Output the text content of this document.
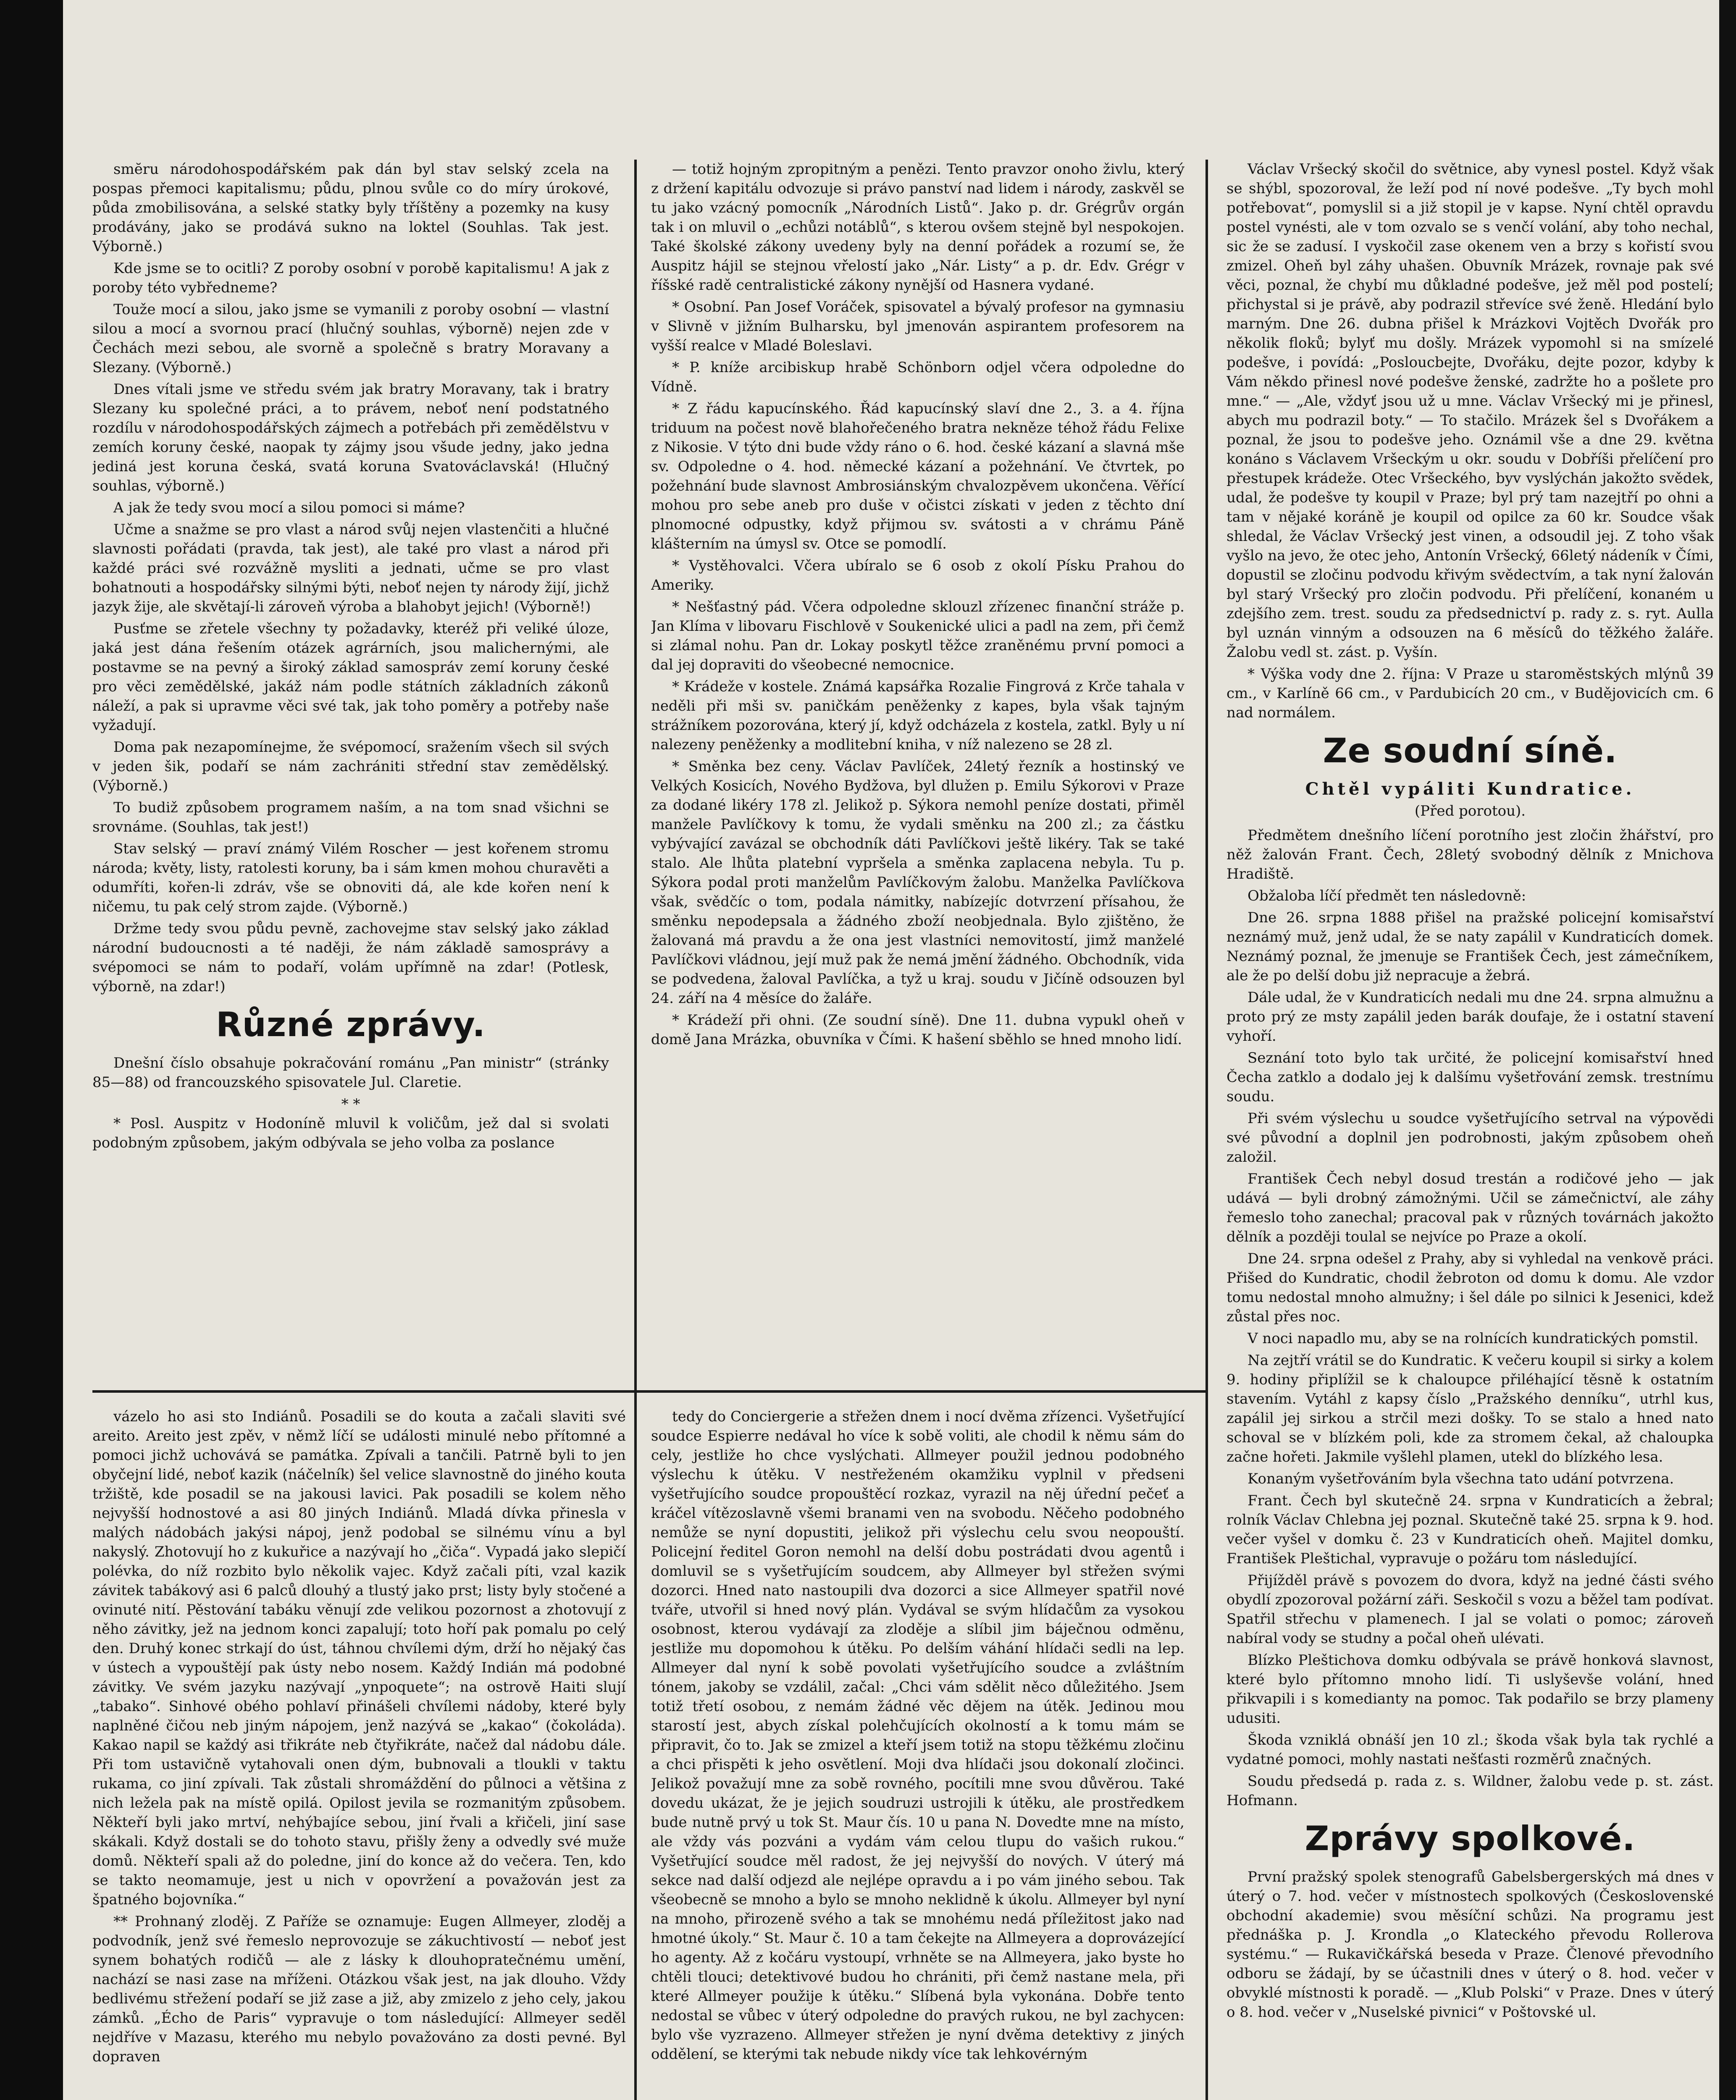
smĕru národohospodářském pak dán byl stav selský zcela na pospas přemoci kapitalismu; půdu, plnou svůle co do míry úrokové, půda zmobilisována, a selské statky byly tříštěny a pozemky na kusy prodávány, jako se prodává sukno na loktel (Souhlas. Tak jest. Výborně.)

Kde jsme se to ocitli? Z poroby osobní v porobě kapitalismu! A jak z poroby této vybředneme?

Touže mocí a silou, jako jsme se vymanili z poroby osobní — vlastní silou a mocí a svornou prací (hlučný souhlas, výborně) nejen zde v Čechách mezi sebou, ale svorně a společně s bratry Moravany a Slezany. (Výborně.)

Dnes vítali jsme ve středu svém jak bratry Moravany, tak i bratry Slezany ku společné práci, a to právem, neboť není podstatného rozdílu v národohospodářských zájmech a potřebách při zemědělstvu v zemích koruny české, naopak ty zájmy jsou všude jedny, jako jedna jediná jest koruna česká, svatá koruna Svatováclavská! (Hlučný souhlas, výborně.)

A jak že tedy svou mocí a silou pomoci si máme?

Učme a snažme se pro vlast a národ svůj nejen vlastenčiti a hlučné slavnosti pořádati (pravda, tak jest), ale také pro vlast a národ při každé práci své rozvážně mysliti a jednati, učme se pro vlast bohatnouti a hospodářsky silnými býti, neboť nejen ty národy žijí, jichž jazyk žije, ale skvětají-li zároveň výroba a blahobyt jejich! (Výborně!)

Pusťme se zřetele všechny ty požadavky, kteréž při veliké úloze, jaká jest dána řešením otázek agrárních, jsou malichernými, ale postavme se na pevný a široký základ samospráv zemí koruny české pro věci zemědělské, jakáž nám podle státních základních zákonů náleží, a pak si upravme věci své tak, jak toho poměry a potřeby naše vyžadují.

Doma pak nezapomínejme, že svépomocí, sražením všech sil svých v jeden šik, podaří se nám zachrániti střední stav zemědělský. (Výborně.)

To budiž způsobem programem naším, a na tom snad všichni se srovnáme. (Souhlas, tak jest!)

Stav selský — praví známý Vilém Roscher — jest kořenem stromu národa; květy, listy, ratolesti koruny, ba i sám kmen mohou churavěti a odumříti, kořen-li zdráv, vše se obnoviti dá, ale kde kořen není k ničemu, tu pak celý strom zajde. (Výborně.)

Držme tedy svou půdu pevně, zachovejme stav selský jako základ národní budoucnosti a té naději, že nám základě samosprávy a svépomoci se nám to podaří, volám upřímně na zdar! (Potlesk, výborně, na zdar!)

Různé zprávy.

Dnešní číslo obsahuje pokračování románu „Pan ministr“ (stránky 85—88) od francouzského spisovatele Jul. Claretie.

* *

* Posl. Auspitz v Hodoníně mluvil k voličům, jež dal si svolati podobným způsobem, jakým odbývala se jeho volba za poslance

— totiž hojným zpropitným a penězi. Tento pravzor onoho živlu, který z držení kapitálu odvozuje si právo panství nad lidem i národy, zaskvěl se tu jako vzácný pomocník „Národních Listů“. Jako p. dr. Grégrův orgán tak i on mluvil o „echůzi notáblů“, s kterou ovšem stejně byl nespokojen. Také školské zákony uvedeny byly na denní pořádek a rozumí se, že Auspitz hájil se stejnou vřelostí jako „Nár. Listy“ a p. dr. Edv. Grégr v říšské radě centralistické zákony nynější od Hasnera vydané.

* Osobní. Pan Josef Voráček, spisovatel a bývalý profesor na gymnasiu v Slivně v jižním Bulharsku, byl jmenován aspirantem profesorem na vyšší realce v Mladé Boleslavi.

* P. kníže arcibiskup hrabě Schönborn odjel včera odpoledne do Vídně.

* Z řádu kapucínského. Řád kapucínský slaví dne 2., 3. a 4. října triduum na počest nově blahořečeného bratra nekněze téhož řádu Felixe z Nikosie. V týto dni bude vždy ráno o 6. hod. české kázaní a slavná mše sv. Odpoledne o 4. hod. německé kázaní a požehnání. Ve čtvrtek, po požehnání bude slavnost Ambrosiánským chvalozpěvem ukončena. Věřící mohou pro sebe aneb pro duše v očistci získati v jeden z těchto dní plnomocné odpustky, když přijmou sv. svátosti a v chrámu Páně klášterním na úmysl sv. Otce se pomodlí.

* Vystěhovalci. Včera ubíralo se 6 osob z okolí Písku Prahou do Ameriky.

* Nešťastný pád. Včera odpoledne sklouzl zřízenec finanční stráže p. Jan Klíma v libovaru Fischlově v Soukenické ulici a padl na zem, při čemž si zlámal nohu. Pan dr. Lokay poskytl těžce zraněnému první pomoci a dal jej dopraviti do všeobecné nemocnice.

* Krádeže v kostele. Známá kapsářka Rozalie Fingrová z Krče tahala v neděli při mši sv. paničkám peněženky z kapes, byla však tajným strážníkem pozorována, který jí, když odcházela z kostela, zatkl. Byly u ní nalezeny peněženky a modlitební kniha, v níž nalezeno se 28 zl.

* Směnka bez ceny. Václav Pavlíček, 24letý řezník a hostinský ve Velkých Kosicích, Nového Bydžova, byl dlužen p. Emilu Sýkorovi v Praze za dodané likéry 178 zl. Jelikož p. Sýkora nemohl peníze dostati, přiměl manžele Pavlíčkovy k tomu, že vydali směnku na 200 zl.; za částku vybývající zavázal se obchodník dáti Pavlíčkovi ještě likéry. Tak se také stalo. Ale lhůta platební vypršela a směnka zaplacena nebyla. Tu p. Sýkora podal proti manželům Pavlíčkovým žalobu. Manželka Pavlíčkova však, svědčíc o tom, podala námitky, nabízejíc dotvrzení přísahou, že směnku nepodepsala a žádného zboží neobjednala. Bylo zjištěno, že žalovaná má pravdu a že ona jest vlastníci nemovitostí, jimž manželé Pavlíčkovi vládnou, její muž pak že nemá jmění žádného. Obchodník, vida se podvedena, žaloval Pavlíčka, a tyž u kraj. soudu v Jičíně odsouzen byl 24. září na 4 měsíce do žaláře.

* Krádeží při ohni. (Ze soudní síně). Dne 11. dubna vypukl oheň v domě Jana Mrázka, obuvníka v Čími. K hašení sběhlo se hned mnoho lidí.

Václav Vršecký skočil do světnice, aby vynesl postel. Když však se shýbl, spozoroval, že leží pod ní nové podešve. „Ty bych mohl potřebovat“, pomyslil si a již stopil je v kapse. Nyní chtěl opravdu postel vynésti, ale v tom ozvalo se s venčí volání, aby toho nechal, sic že se zadusí. I vyskočil zase okenem ven a brzy s kořistí svou zmizel. Oheň byl záhy uhašen. Obuvník Mrázek, rovnaje pak své věci, poznal, že chybí mu důkladné podešve, jež měl pod postelí; přichystal si je právě, aby podrazil střevíce své ženě. Hledání bylo marným. Dne 26. dubna přišel k Mrázkovi Vojtěch Dvořák pro několik floků; bylyť mu došly. Mrázek vypomohl si na smízelé podešve, i povídá: „Posloucbejte, Dvořáku, dejte pozor, kdyby k Vám někdo přinesl nové podešve ženské, zadržte ho a pošlete pro mne.“ — „Ale, vždyť jsou už u mne. Václav Vršecký mi je přinesl, abych mu podrazil boty.“ — To stačilo. Mrázek šel s Dvořákem a poznal, že jsou to podešve jeho. Oznámil vše a dne 29. května konáno s Václavem Vršeckým u okr. soudu v Dobříši přelíčení pro přestupek krádeže. Otec Vršeckého, byv vyslýchán jakožto svědek, udal, že podešve ty koupil v Praze; byl prý tam nazejtří po ohni a tam v nějaké koráně je koupil od opilce za 60 kr. Soudce však shledal, že Václav Vršecký jest vinen, a odsoudil jej. Z toho však vyšlo na jevo, že otec jeho, Antonín Vršecký, 66letý nádeník v Čími, dopustil se zločinu podvodu křivým svědectvím, a tak nyní žalován byl starý Vršecký pro zločin podvodu. Při přelíčení, konaném u zdejšího zem. trest. soudu za předsednictví p. rady z. s. ryt. Aulla byl uznán vinným a odsouzen na 6 měsíců do těžkého žaláře. Žalobu vedl st. zást. p. Vyšín.

* Výška vody dne 2. října: V Praze u staroměstských mlýnů 39 cm., v Karlíně 66 cm., v Pardubicích 20 cm., v Budějovicích cm. 6 nad normálem.

Ze soudní síně.
Chtěl vypáliti Kundratice.
(Před porotou).

Předmětem dnešního líčení porotního jest zločin žhářství, pro něž žalován Frant. Čech, 28letý svobodný dělník z Mnichova Hradiště.

Obžaloba líčí předmět ten následovně:

Dne 26. srpna 1888 přišel na pražské policejní komisařství neznámý muž, jenž udal, že se naty zapálil v Kundraticích domek. Neznámý poznal, že jmenuje se František Čech, jest zámečníkem, ale že po delší dobu již nepracuje a žebrá.

Dále udal, že v Kundraticích nedali mu dne 24. srpna almužnu a proto prý ze msty zapálil jeden barák doufaje, že i ostatní stavení vyhoří.

Seznání toto bylo tak určité, že policejní komisařství hned Čecha zatklo a dodalo jej k dalšímu vyšetřování zemsk. trestnímu soudu.

Při svém výslechu u soudce vyšetřujícího setrval na výpovědi své původní a doplnil jen podrobnosti, jakým způsobem oheň založil.

František Čech nebyl dosud trestán a rodičové jeho — jak udává — byli drobný zámožnými. Učil se zámečnictví, ale záhy řemeslo toho zanechal; pracoval pak v různých továrnách jakožto dělník a později toulal se nejvíce po Praze a okolí.

Dne 24. srpna odešel z Prahy, aby si vyhledal na venkově práci. Přišed do Kundratic, chodil žebroton od domu k domu. Ale vzdor tomu nedostal mnoho almužny; i šel dále po silnici k Jesenici, kdež zůstal přes noc.

V noci napadlo mu, aby se na rolnících kundratických pomstil.

Na zejtří vrátil se do Kundratic. K večeru koupil si sirky a kolem 9. hodiny připlížil se k chaloupce přiléhající těsně k ostatním stavením. Vytáhl z kapsy číslo „Pražského denníku“, utrhl kus, zapálil jej sirkou a strčil mezi došky. To se stalo a hned nato schoval se v blízkém poli, kde za stromem čekal, až chaloupka začne hořeti. Jakmile vyšlehl plamen, utekl do blízkého lesa.

Konaným vyšetřováním byla všechna tato udání potvrzena.

Frant. Čech byl skutečně 24. srpna v Kundraticích a žebral; rolník Václav Chlebna jej poznal. Skutečně také 25. srpna k 9. hod. večer vyšel v domku č. 23 v Kundraticích oheň. Majitel domku, František Pleštichal, vypravuje o požáru tom následující.

Přijížděl právě s povozem do dvora, když na jedné části svého obydlí zpozoroval požární záři. Seskočil s vozu a běžel tam podívat. Spatřil střechu v plamenech. I jal se volati o pomoc; zároveň nabíral vody se studny a počal oheň ulévati.

Blízko Pleštichova domku odbývala se právě honková slavnost, které bylo přítomno mnoho lidí. Ti uslyševše volání, hned přikvapili i s komedianty na pomoc. Tak podařilo se brzy plameny udusiti.

Škoda vzniklá obnáší jen 10 zl.; škoda však byla tak rychlé a vydatné pomoci, mohly nastati nešťasti rozměrů značných.

Soudu předsedá p. rada z. s. Wildner, žalobu vede p. st. zást. Hofmann.

Zprávy spolkové.

První pražský spolek stenografů Gabelsbergerských má dnes v úterý o 7. hod. večer v místnostech spolkových (Československé obchodní akademie) svou měsíční schůzi. Na programu jest přednáška p. J. Krondla „o Klateckého převodu Rollerova systému.“ — Rukavičkářská beseda v Praze. Členové převodního odboru se žádají, by se účastnili dnes v úterý o 8. hod. večer v obvyklé místnosti k poradě. — „Klub Polski“ v Praze. Dnes v úterý o 8. hod. večer v „Nuselské pivnici“ v Poštovské ul.

vázelo ho asi sto Indiánů. Posadili se do kouta a začali slaviti své areito. Areito jest zpěv, v němž líčí se události minulé nebo přítomné a pomoci jichž uchovává se památka. Zpívali a tančili. Patrně byli to jen obyčejní lidé, neboť kazik (náčelník) šel velice slavnostně do jiného kouta tržiště, kde posadil se na jakousi lavici. Pak posadili se kolem něho nejvyšší hodnostové a asi 80 jiných Indiánů. Mladá dívka přinesla v malých nádobách jakýsi nápoj, jenž podobal se silnému vínu a byl nakyslý. Zhotovují ho z kukuřice a nazývají ho „čiča“. Vypadá jako slepičí polévka, do níž rozbito bylo několik vajec. Když začali píti, vzal kazik závitek tabákový asi 6 palců dlouhý a tlustý jako prst; listy byly stočené a ovinuté nití. Pěstování tabáku věnují zde velikou pozornost a zhotovují z něho závitky, jež na jednom konci zapalují; toto hoří pak pomalu po celý den. Druhý konec strkají do úst, táhnou chvílemi dým, drží ho nějaký čas v ústech a vypouštějí pak ústy nebo nosem. Každý Indián má podobné závitky. Ve svém jazyku nazývají „ynpoquete“; na ostrově Haiti slují „tabako“. Sinhové obého pohlaví přinášeli chvílemi nádoby, které byly naplněné čičou neb jiným nápojem, jenž nazývá se „kakao“ (čokoláda). Kakao napil se každý asi třikráte neb čtyřikráte, načež dal nádobu dále. Při tom ustavičně vytahovali onen dým, bubnovali a tloukli v taktu rukama, co jiní zpívali. Tak zůstali shromáždění do půlnoci a většina z nich ležela pak na místě opilá. Opilost jevila se rozmanitým způsobem. Někteří byli jako mrtví, nehýbajíce sebou, jiní řvali a křičeli, jiní sase skákali. Když dostali se do tohoto stavu, přišly ženy a odvedly své muže domů. Někteří spali až do poledne, jiní do konce až do večera. Ten, kdo se takto neomamuje, jest u nich v opovržení a považován jest za špatného bojovníka.“

** Prohnaný zloděj. Z Paříže se oznamuje: Eugen Allmeyer, zloděj a podvodník, jenž své řemeslo neprovozuje se zákuchtivostí — neboť jest synem bohatých rodičů — ale z lásky k dlouhopratečnému umění, nachází se nasi zase na mříženi. Otázkou však jest, na jak dlouho. Vždy bedlivému střežení podaří se již zase a již, aby zmizelo z jeho cely, jakou zámků. „Écho de Paris“ vypravuje o tom následující: Allmeyer seděl nejdříve v Mazasu, kterého mu nebylo považováno za dosti pevné. Byl dopraven

tedy do Conciergerie a střežen dnem i nocí dvěma zřízenci. Vyšetřující soudce Espierre nedával ho více k sobě voliti, ale chodil k němu sám do cely, jestliže ho chce vyslýchati. Allmeyer použil jednou podobného výslechu k útěku. V nestřeženém okamžiku vyplnil v předseni vyšetřujícího soudce propouštěcí rozkaz, vyrazil na něj úřední pečeť a kráčel vítězoslavně všemi branami ven na svobodu. Něčeho podobného nemůže se nyní dopustiti, jelikož při výslechu celu svou neopouští. Policejní ředitel Goron nemohl na delší dobu postrádati dvou agentů i domluvil se s vyšetřujícím soudcem, aby Allmeyer byl střežen svými dozorci. Hned nato nastoupili dva dozorci a sice Allmeyer spatřil nové tváře, utvořil si hned nový plán. Vydával se svým hlídačům za vysokou osobnost, kterou vydávají za zloděje a slíbil jim báječnou odměnu, jestliže mu dopomohou k útěku. Po delším váhání hlídači sedli na lep. Allmeyer dal nyní k sobě povolati vyšetřujícího soudce a zvláštním tónem, jakoby se vzdálil, začal: „Chci vám sdělit něco důležitého. Jsem totiž třetí osobou, z nemám žádné věc dějem na útěk. Jedinou mou starostí jest, abych získal polehčujících okolností a k tomu mám se připravit, čo to. Jak se zmizel a kteří jsem totiž na stopu těžkému zločinu a chci přispěti k jeho osvětlení. Moji dva hlídači jsou dokonalí zločinci. Jelikož považují mne za sobě rovného, pocítili mne svou důvěrou. Také dovedu ukázat, že je jejich soudruzi ustrojili k útěku, ale prostředkem bude nutně prvý u tok St. Maur čís. 10 u pana N. Dovedte mne na místo, ale vždy vás pozváni a vydám vám celou tlupu do vašich rukou.“ Vyšetřující soudce měl radost, že jej nejvyšší do nových. V úterý má sekce nad další odjezd ale nejlépe opravdu a i po vám jiného sebou. Tak všeobecně se mnoho a bylo se mnoho neklidně k úkolu. Allmeyer byl nyní na mnoho, přirozeně svého a tak se mnohému nedá příležitost jako nad hmotné úkoly.“ St. Maur č. 10 a tam čekejte na Allmeyera a doprovázející ho agenty. Až z kočáru vystoupí, vrhněte se na Allmeyera, jako byste ho chtěli tlouci; detektivové budou ho chrániti, při čemž nastane mela, při které Allmeyer použije k útěku.“ Slíbená byla vykonána. Dobře tento nedostal se vůbec v úterý odpoledne do pravých rukou, ne byl zachycen: bylo vše vyzrazeno. Allmeyer střežen je nyní dvěma detektivy z jiných oddělení, se kterými tak nebude nikdy více tak lehkovérným
